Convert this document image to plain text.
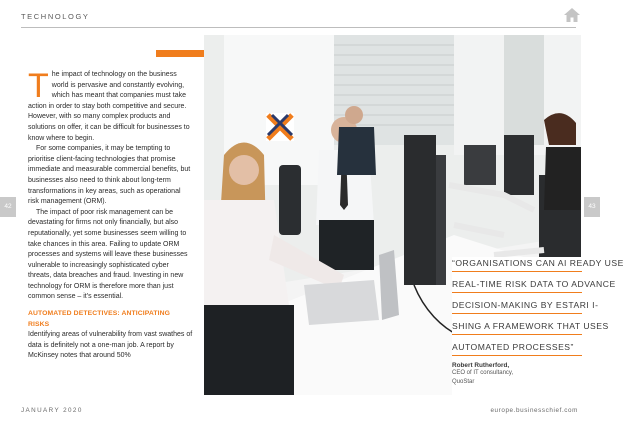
TECHNOLOGY
42	43

The impact of technology on the business world is pervasive and constantly evolving, which has meant that companies must take action in order to stay both competitive and secure. However, with so many complex products and solutions on offer, it can be difficult for businesses to know where to begin.

For some companies, it may be tempting to prioritise client-facing technologies that promise immediate and measurable commercial benefits, but businesses also need to think about long-term transformations in key areas, such as operational risk management (ORM).

The impact of poor risk management can be devastating for firms not only financially, but also reputationally, yet some businesses seem willing to take chances in this area. Failing to update ORM processes and systems will leave these businesses vulnerable to increasingly sophisticated cyber threats, data breaches and fraud. Investing in new technology for ORM is therefore more than just common sense – it's essential.

AUTOMATED DETECTIVES: ANTICIPATING RISKS

Identifying areas of vulnerability from vast swathes of data is definitely not a one-man job. A report by McKinsey notes that around 50%

“ORGANISATIONS CAN AI READY USE
REAL-TIME RISK DATA TO ADVANCE
DECISION-MAKING BY ESTARI I-
SHING A FRAMEWORK THAT USES
AUTOMATED PROCESSES”
Robert Rutherford,
CEO of IT consultancy,
QuoStar
JANUARY 2020	europe.businesschief.com
